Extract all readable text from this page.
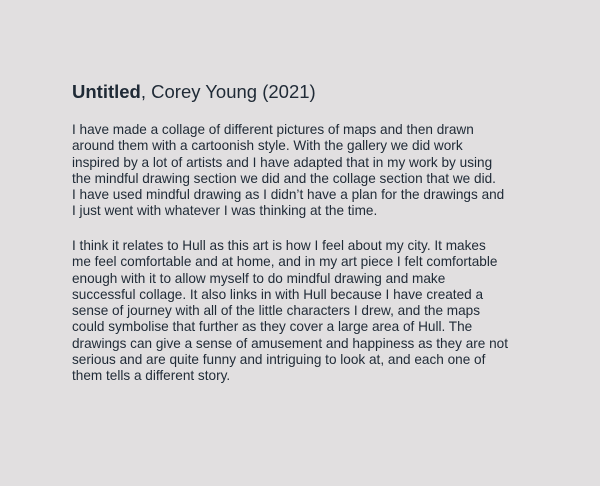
Untitled, Corey Young (2021)

I have made a collage of different pictures of maps and then drawn
around them with a cartoonish style. With the gallery we did work
inspired by a lot of artists and I have adapted that in my work by using
the mindful drawing section we did and the collage section that we did.
I have used mindful drawing as I didn’t have a plan for the drawings and
I just went with whatever I was thinking at the time.

I think it relates to Hull as this art is how I feel about my city. It makes
me feel comfortable and at home, and in my art piece I felt comfortable
enough with it to allow myself to do mindful drawing and make
successful collage. It also links in with Hull because I have created a
sense of journey with all of the little characters I drew, and the maps
could symbolise that further as they cover a large area of Hull. The
drawings can give a sense of amusement and happiness as they are not
serious and are quite funny and intriguing to look at, and each one of
them tells a different story.
